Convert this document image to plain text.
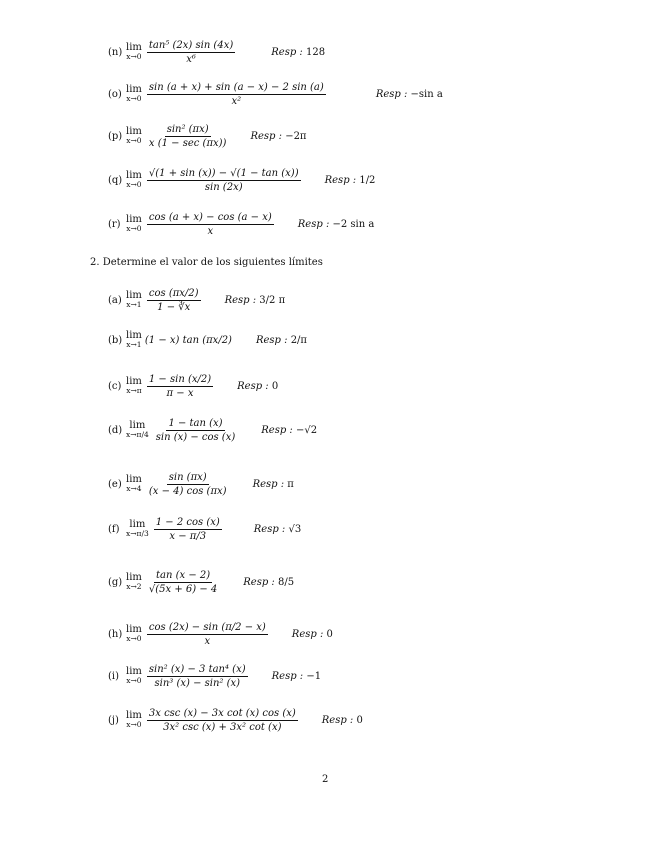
(n) lim
$x\to 0 \frac{\text{tan⁵ (2x) sin (4x)}}{\text{x⁶}}$	Resp : 128
(o) lim
$x\to 0 \frac{\sin (a + x) + \sin (a - x) - 2 \sin (a)}{\text{x²}}$	Resp : −sin a
(p) lim
$x\to 0 \frac{\text{sin² (πx)}}{x (1 - \sec (\pi x))}$ Resp : −2π
(q) lim
$x\to 0 \frac{√(1 + \sin (x)) - √(1 - \tan (x))}{\sin (2x)}$ Resp : 1/2
(r) lim
$x\to 0 \frac{\cos (a + x) - \cos (a - x)}{x}$ Resp : −2 sin a
2. Determine el valor de los siguientes límites
(a) lim
$x\to 1 \frac{\cos (\pi x/2)}{1 - ∛x}$ Resp : 3/2 π
(b) lim
x→1 (1 − x) tan (πx/2) Resp : 2/π
(c) lim
$x\to\pi \frac{1 - \sin (x/2)}{\pi - x}$ Resp : 0
(d) lim
$x\to\pi/4 \frac{1 - \tan (x)}{\sin (x) - \cos (x)}$ Resp : −√2
(e) lim
$x\to 4 \frac{\sin (\pi x)}{(x - 4) \cos (\pi x)}$ Resp : π
(f) lim
$x\to\pi/3 \frac{1 - 2 \cos (x)}{x - \pi/3}$	Resp : √3
(g) lim
$x\to 2 \frac{\tan (x - 2)}{√(5x + 6) - 4}$ Resp : 8/5
(h) lim
$x\to 0 \frac{\cos (2x) - \sin (\pi/2 - x)}{x}$ Resp : 0
(i) lim
$x\to 0 \frac{\text{sin² (x) − 3 tan⁴ (x)}}{\text{sin³ (x) − sin² (x)}}$ Resp : −1
(j) lim
$x\to 0 \frac{\text{3x csc (x) − 3x cot (x) cos (x)}}{\text{3x² csc (x) + 3x² cot (x)}}$ Resp : 0
2
